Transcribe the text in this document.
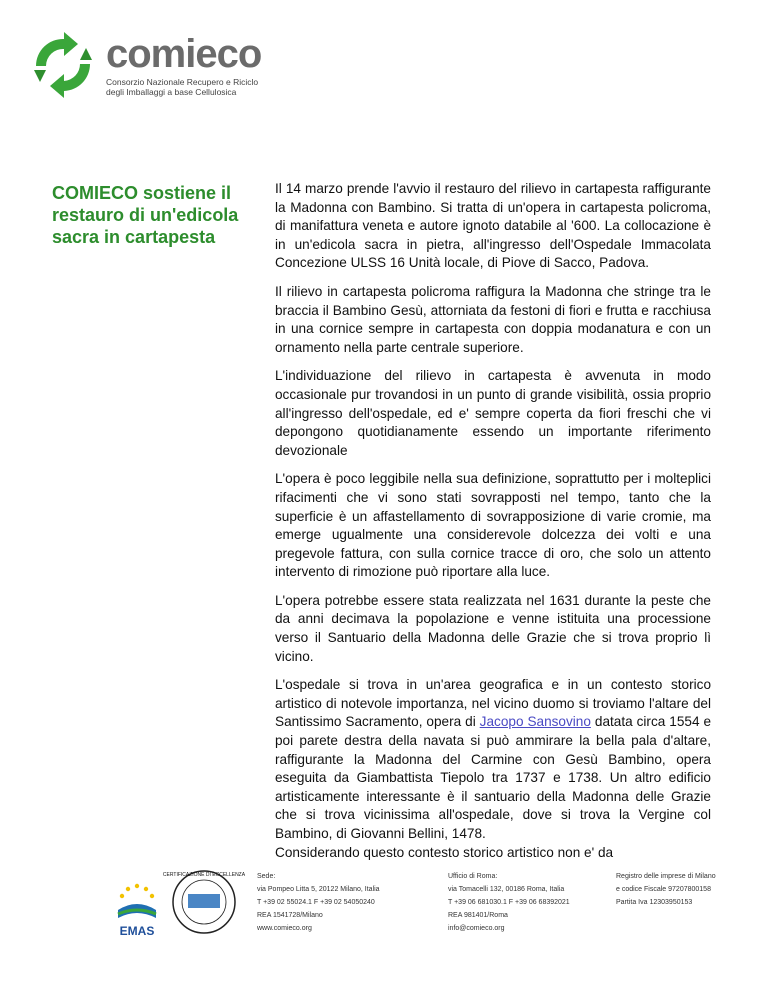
comieco
Consorzio Nazionale Recupero e Riciclo
degli Imballaggi a base Cellulosica
COMIECO sostiene il restauro di un'edicola sacra in cartapesta

Il 14 marzo prende l'avvio il restauro del rilievo in cartapesta raffigurante la Madonna con Bambino. Si tratta di un'opera in cartapesta policroma, di manifattura veneta e autore ignoto databile al '600. La collocazione è in un'edicola sacra in pietra, all'ingresso dell'Ospedale Immacolata Concezione ULSS 16 Unità locale, di Piove di Sacco, Padova.

Il rilievo in cartapesta policroma raffigura la Madonna che stringe tra le braccia il Bambino Gesù, attorniata da festoni di fiori e frutta e racchiusa in una cornice sempre in cartapesta con doppia modanatura e con un ornamento nella parte centrale superiore.

L'individuazione del rilievo in cartapesta è avvenuta in modo occasionale pur trovandosi in un punto di grande visibilità, ossia proprio all'ingresso dell'ospedale, ed e' sempre coperta da fiori freschi che vi depongono quotidianamente essendo un importante riferimento devozionale

L'opera è poco leggibile nella sua definizione, soprattutto per i molteplici rifacimenti che vi sono stati sovrapposti nel tempo, tanto che la superficie è un affastellamento di sovrapposizione di varie cromie, ma emerge ugualmente una considerevole dolcezza dei volti e una pregevole fattura, con sulla cornice tracce di oro, che solo un attento intervento di rimozione può riportare alla luce.

L'opera potrebbe essere stata realizzata nel 1631 durante la peste che da anni decimava la popolazione e venne istituita una processione verso il Santuario della Madonna delle Grazie che si trova proprio lì vicino.

L'ospedale si trova in un'area geografica e in un contesto storico artistico di notevole importanza, nel vicino duomo si troviamo l'altare del Santissimo Sacramento, opera di Jacopo Sansovino datata circa 1554 e poi parete destra della navata si può ammirare la bella pala d'altare, raffigurante la Madonna del Carmine con Gesù Bambino, opera eseguita da Giambattista Tiepolo tra 1737 e 1738. Un altro edificio artisticamente interessante è il santuario della Madonna delle Grazie che si trova vicinissima all'ospedale, dove si trova la Vergine col Bambino, di Giovanni Bellini, 1478.

Considerando questo contesto storico artistico non e' da

EMAS
CERTIFICAZIONE DI ECCELLENZA Sede:
via Pompeo Litta 5, 20122 Milano, Italia
T +39 02 55024.1 F +39 02 54050240
REA 1541728/Milano
www.comieco.org
Ufficio di Roma:
via Tomacelli 132, 00186 Roma, Italia
T +39 06 681030.1 F +39 06 68392021
REA 981401/Roma
info@comieco.org
Registro delle imprese di Milano
e codice Fiscale 97207800158
Partita Iva 12303950153
